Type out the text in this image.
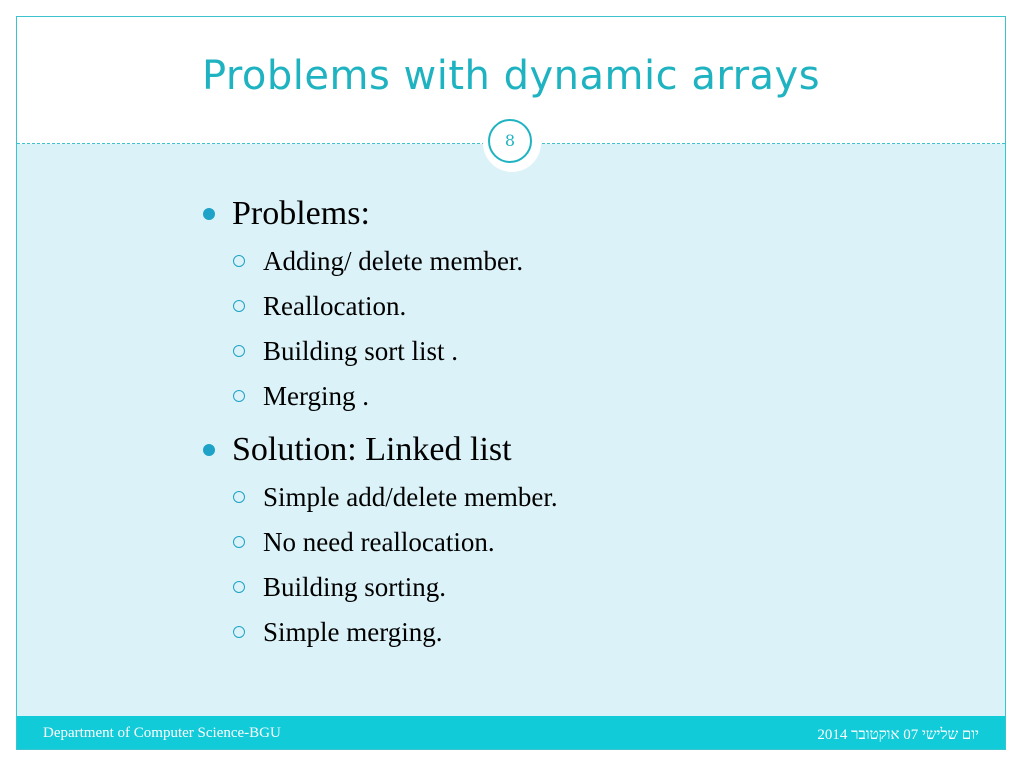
Problems with dynamic arrays
8
Problems:
Adding/ delete member.
Reallocation.
Building sort list .
Merging .
Solution: Linked list
Simple add/delete member.
No need reallocation.
Building sorting.
Simple merging.
Department of Computer Science-BGU	יום שלישי 07 אוקטובר 2014
